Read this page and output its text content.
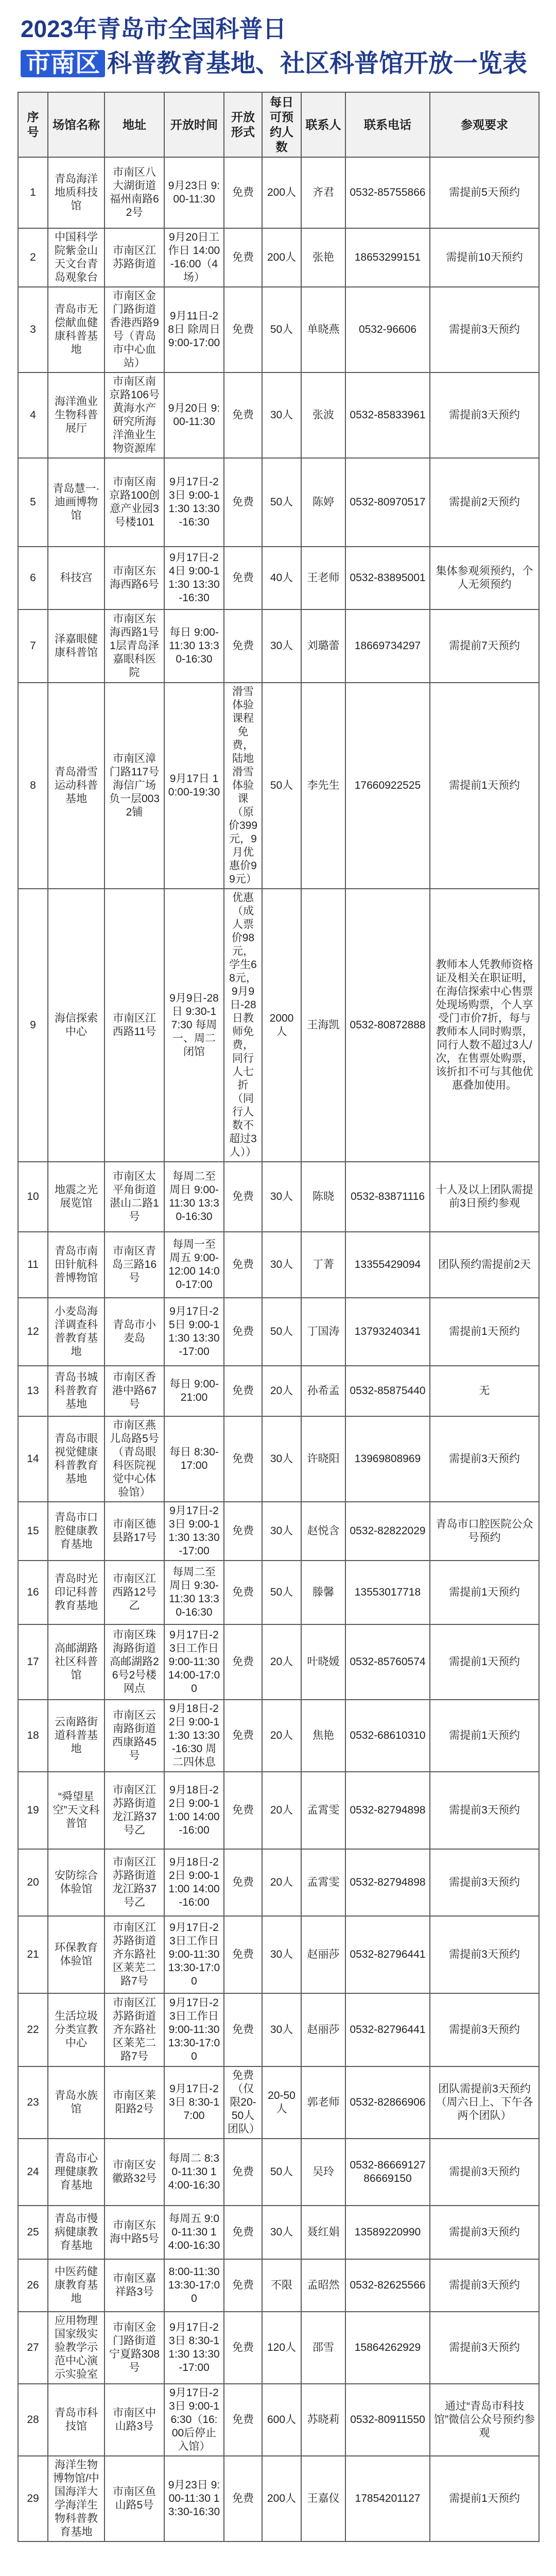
2023年青岛市全国科普日
市南区 科普教育基地、社区科普馆开放一览表
序号	场馆名称	地址	开放时间	开放形式	每日可预约人数	联系人	联系电话	参观要求
1	青岛海洋地质科技馆	市南区八大湖街道福州南路62号	9月23日 9:00-11:30	免费	200人	齐君	0532-85755866	需提前5天预约
2	中国科学院紫金山天文台青岛观象台	市南区江苏路街道	9月20日工作日 14:00-16:00（4场）	免费	200人	张艳	18653299151	需提前10天预约
3	青岛市无偿献血健康科普基地	市南区金门路街道香港西路9号（青岛市中心血站）	9月11日-28日 除周日 9:00-17:00	免费	50人	单晓燕	0532-96606	需提前3天预约
4	海洋渔业生物科普展厅	市南区南京路106号黄海水产研究所海洋渔业生物资源库	9月20日 9:00-11:30	免费	30人	张波	0532-85833961	需提前3天预约
5	青岛慧一·迪画博物馆	市南区南京路100创意产业园3号楼101	9月17日-23日 9:00-11:30 13:30-16:30	免费	50人	陈婷	0532-80970517	需提前2天预约
6	科技宫	市南区东海西路6号	9月17日-24日 9:00-11:30 13:30-16:30	免费	40人	王老师	0532-83895001	集体参观须预约，个人无须预约
7	泽嘉眼健康科普馆	市南区东海西路1号1层青岛泽嘉眼科医院	每日 9:00-11:30 13:30-16:30	免费	30人	刘璐蕾	18669734297	需提前7天预约
8	青岛滑雪运动科普基地	市南区漳门路117号海信广场负一层0032铺	9月17日 10:00-19:30	滑雪体验课程免费，陆地滑雪体验课（原价399元，9月优惠价99元）	50人	李先生	17660922525	需提前1天预约
9	海信探索中心	市南区江西路11号	9月9日-28日 9:30-17:30 每周一、周二闭馆	优惠（成人票价98元，学生68元，9月9日-28日教师免费，同行人七折（同行人数不超过3人））	2000人	王海凯	0532-80872888	教师本人凭教师资格证及相关在职证明，在海信探索中心售票处现场购票，个人享受门市价7折，每与教师本人同时购票，同行人数不超过3人/次，在售票处购票，该折扣不可与其他优惠叠加使用。
10	地震之光展览馆	市南区太平角街道湛山二路1号	每周二至周日 9:00-11:30 13:30-16:30	免费	30人	陈晓	0532-83871116	十人及以上团队需提前3日预约参观
11	青岛市南田针航科普博物馆	市南区青岛三路16号	每周一至周五 9:00-12:00 14:00-17:00	免费	30人	丁菁	13355429094	团队预约需提前2天
12	小麦岛海洋调查科普教育基地	青岛市小麦岛	9月17日-25日 9:00-11:30 13:30-17:00	免费	50人	丁国涛	13793240341	需提前1天预约
13	青岛书城科普教育基地	市南区香港中路67号	每日 9:00-21:00	免费	20人	孙希孟	0532-85875440	无
14	青岛市眼视觉健康科普教育基地	市南区燕儿岛路5号（青岛眼科医院视觉中心体验馆）	每日 8:30-17:00	免费	30人	许晓阳	13969808969	需提前3天预约
15	青岛市口腔健康教育基地	市南区德县路17号	9月17日-23日 9:00-11:30 13:30-17:00	免费	30人	赵悦含	0532-82822029	青岛市口腔医院公众号预约
16	青岛时光印记科普教育基地	市南区江西路12号乙	每周二至周日 9:30-11:30 13:30-16:30	免费	50人	滕馨	13553017718	需提前1天预约
17	高邮湖路社区科普馆	市南区珠海路街道高邮湖路26号2号楼网点	9月17日-23日工作日 9:00-11:30 14:00-17:00	免费	20人	叶晓媛	0532-85760574	需提前1天预约
18	云南路街道科普基地	市南区云南路街道西康路45号	9月18日-22日 9:00-11:30 13:30-16:30 周二四休息	免费	20人	焦艳	0532-68610310	需提前1天预约
19	“舜望星空”天文科普馆	市南区江苏路街道龙江路37号乙	9月18日-22日 9:00-11:00 14:00-16:00	免费	20人	孟霄雯	0532-82794898	需提前3天预约
20	安防综合体验馆	市南区江苏路街道龙江路37号乙	9月18日-22日 9:00-11:00 14:00-16:00	免费	20人	孟霄雯	0532-82794898	需提前3天预约
21	环保教育体验馆	市南区江苏路街道齐东路社区莱芜二路7号	9月17日-23日工作日 9:00-11:30 13:30-17:00	免费	30人	赵丽莎	0532-82796441	需提前3天预约
22	生活垃圾分类宣教中心	市南区江苏路街道齐东路社区莱芜二路7号	9月17日-23日工作日 9:00-11:30 13:30-17:00	免费	30人	赵丽莎	0532-82796441	需提前3天预约
23	青岛水族馆	市南区莱阳路2号	9月17日-23日 8:30-17:00	免费（仅限20-50人团队）	20-50人	郭老师	0532-82866906	团队需提前3天预约（周六日上、下午各两个团队）
24	青岛市心理健康教育基地	市南区安徽路32号	每周二 8:30-11:30 14:00-16:30	免费	50人	吴玲	0532-86669127 86669150	需提前3天预约
25	青岛市慢病健康教育基地	市南区东海中路5号	每周五 9:00-11:30 14:00-16:30	免费	30人	聂红娟	13589220990	需提前3天预约
26	中医药健康教育基地	市南区嘉祥路3号	8:00-11:30 13:30-17:00	免费	不限	孟昭然	0532-82625566	需提前3天预约
27	应用物理国家级实验教学示范中心演示实验室	市南区金门路街道宁夏路308号	9月17日-23日 8:30-11:30 13:30-17:00	免费	120人	邵雪	15864262929	需提前3天预约
28	青岛市科技馆	市南区中山路3号	9月17日-23日 9:00-16:30（16:00后停止入馆）	免费	600人	苏晓莉	0532-80911550	通过“青岛市科技馆”微信公众号预约参观
29	海洋生物博物馆/中国海洋大学海洋生物科普教育基地	市南区鱼山路5号	9月23日 9:00-11:30 13:30-16:30	免费	200人	王嘉仪	17854201127	需提前1天预约
